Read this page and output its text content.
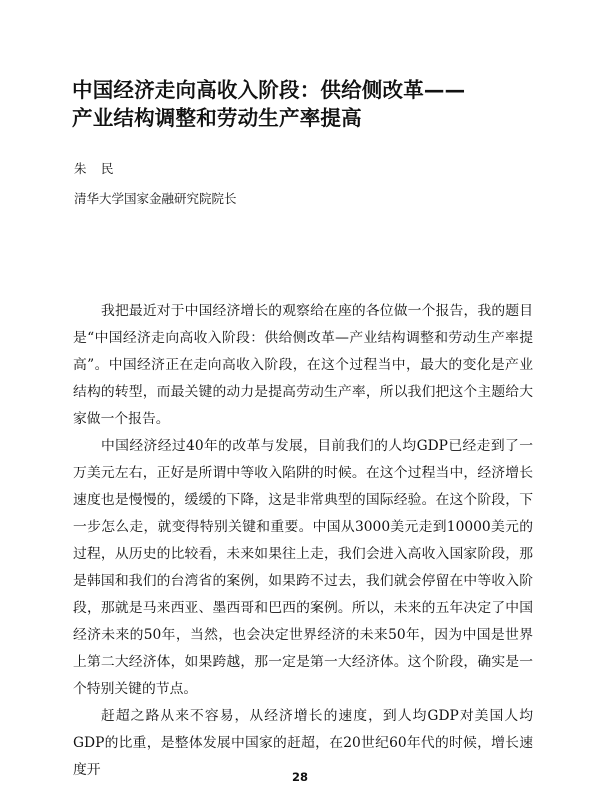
中国经济走向高收入阶段：供给侧改革——
产业结构调整和劳动生产率提高
朱　民
清华大学国家金融研究院院长

我把最近对于中国经济增长的观察给在座的各位做一个报告，我的题目是“中国经济走向高收入阶段：供给侧改革—产业结构调整和劳动生产率提高”。中国经济正在走向高收入阶段，在这个过程当中，最大的变化是产业结构的转型，而最关键的动力是提高劳动生产率，所以我们把这个主题给大家做一个报告。

中国经济经过40年的改革与发展，目前我们的人均GDP已经走到了一万美元左右，正好是所谓中等收入陷阱的时候。在这个过程当中，经济增长速度也是慢慢的，缓缓的下降，这是非常典型的国际经验。在这个阶段，下一步怎么走，就变得特别关键和重要。中国从3000美元走到10000美元的过程，从历史的比较看，未来如果往上走，我们会进入高收入国家阶段，那是韩国和我们的台湾省的案例，如果跨不过去，我们就会停留在中等收入阶段，那就是马来西亚、墨西哥和巴西的案例。所以，未来的五年决定了中国经济未来的50年，当然，也会决定世界经济的未来50年，因为中国是世界上第二大经济体，如果跨越，那一定是第一大经济体。这个阶段，确实是一个特别关键的节点。

赶超之路从来不容易，从经济增长的速度，到人均GDP对美国人均GDP的比重，是整体发展中国家的赶超，在20世纪60年代的时候，增长速度开	28
